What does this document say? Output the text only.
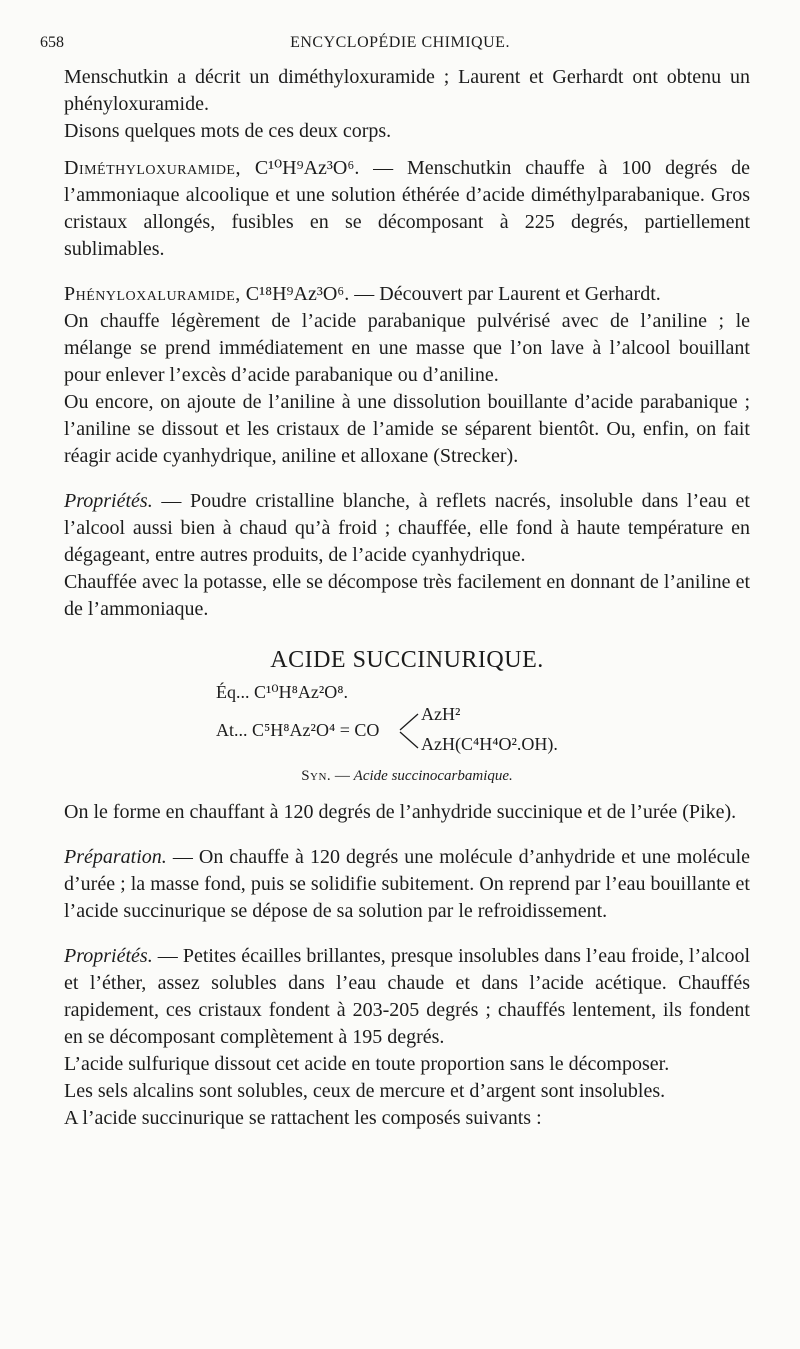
658	ENCYCLOPÉDIE CHIMIQUE.

Menschutkin a décrit un diméthyloxuramide ; Laurent et Gerhardt ont obtenu un phényloxuramide.

Disons quelques mots de ces deux corps.

Diméthyloxuramide, C¹⁰H⁹Az³O⁶. — Menschutkin chauffe à 100 degrés de l’ammoniaque alcoolique et une solution éthérée d’acide diméthylparabanique. Gros cristaux allongés, fusibles en se décomposant à 225 degrés, partiellement sublimables.

Phényloxaluramide, C¹⁸H⁹Az³O⁶. — Découvert par Laurent et Gerhardt.

On chauffe légèrement de l’acide parabanique pulvérisé avec de l’aniline ; le mélange se prend immédiatement en une masse que l’on lave à l’alcool bouillant pour enlever l’excès d’acide parabanique ou d’aniline.

Ou encore, on ajoute de l’aniline à une dissolution bouillante d’acide parabanique ; l’aniline se dissout et les cristaux de l’amide se séparent bientôt. Ou, enfin, on fait réagir acide cyanhydrique, aniline et alloxane (Strecker).

Propriétés. — Poudre cristalline blanche, à reflets nacrés, insoluble dans l’eau et l’alcool aussi bien à chaud qu’à froid ; chauffée, elle fond à haute température en dégageant, entre autres produits, de l’acide cyanhydrique.

Chauffée avec la potasse, elle se décompose très facilement en donnant de l’aniline et de l’ammoniaque.

ACIDE SUCCINURIQUE.
Éq... C¹⁰H⁸Az²O⁸.
At... C⁵H⁸Az²O⁴ = CO
AzH²
AzH(C⁴H⁴O².OH).
Syn. — Acide succinocarbamique.

On le forme en chauffant à 120 degrés de l’anhydride succinique et de l’urée (Pike).

Préparation. — On chauffe à 120 degrés une molécule d’anhydride et une molécule d’urée ; la masse fond, puis se solidifie subitement. On reprend par l’eau bouillante et l’acide succinurique se dépose de sa solution par le refroidissement.

Propriétés. — Petites écailles brillantes, presque insolubles dans l’eau froide, l’alcool et l’éther, assez solubles dans l’eau chaude et dans l’acide acétique. Chauffés rapidement, ces cristaux fondent à 203-205 degrés ; chauffés lentement, ils fondent en se décomposant complètement à 195 degrés.

L’acide sulfurique dissout cet acide en toute proportion sans le décomposer.

Les sels alcalins sont solubles, ceux de mercure et d’argent sont insolubles.

A l’acide succinurique se rattachent les composés suivants :
